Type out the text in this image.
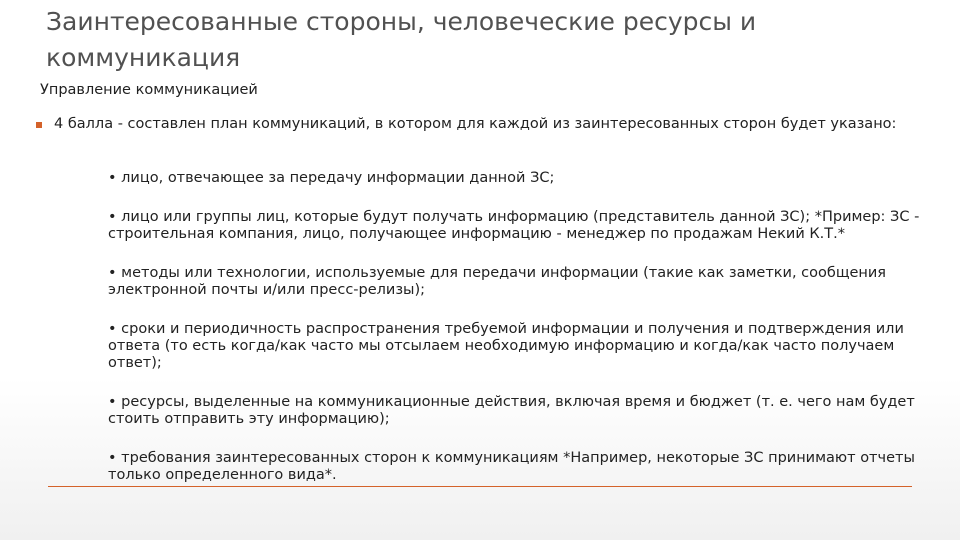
Заинтересованные стороны, человеческие ресурсы и коммуникация
Управление коммуникацией
4 балла - составлен план коммуникаций, в котором для каждой из заинтересованных сторон будет указано:
• лицо, отвечающее за передачу информации данной ЗС;
• лицо или группы лиц, которые будут получать информацию (представитель данной ЗС); *Пример: ЗС - строительная компания, лицо, получающее информацию - менеджер по продажам Некий К.Т.*
• методы или технологии, используемые для передачи информации (такие как заметки, сообщения электронной почты и/или пресс-релизы);
• сроки и периодичность распространения требуемой информации и получения и подтверждения или ответа (то есть когда/как часто мы отсылаем необходимую информацию и когда/как часто получаем ответ);
• ресурсы, выделенные на коммуникационные действия, включая время и бюджет (т. е. чего нам будет стоить отправить эту информацию);
• требования заинтересованных сторон к коммуникациям *Например, некоторые ЗС принимают отчеты только определенного вида*.
